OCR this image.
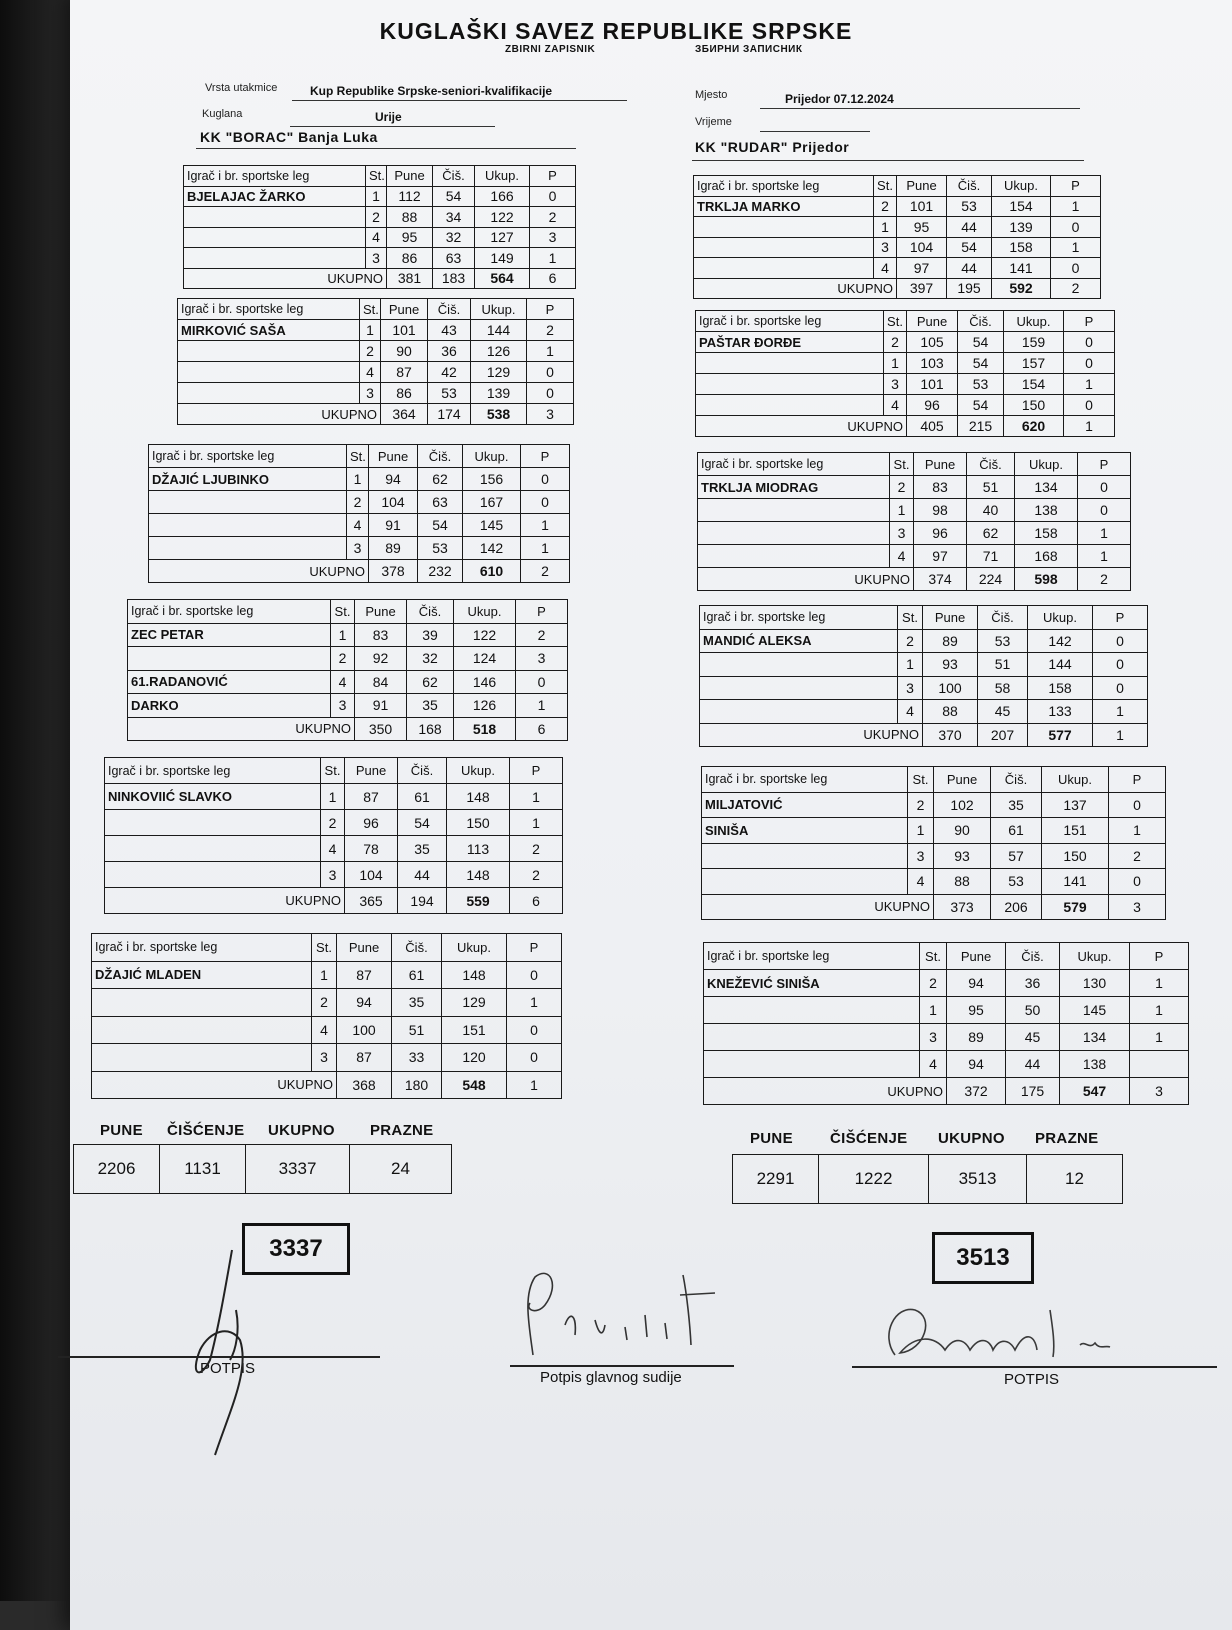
KUGLAŠKI SAVEZ REPUBLIKE SRPSKE
ZBIRNI ZAPISNIK	ЗБИРНИ ЗАПИСНИК
Vrsta utakmice	Kup Republike Srpske-seniori-kvalifikacije
Kuglana	Urije
KK "BORAC" Banja Luka
Mjesto	Prijedor 07.12.2024
Vrijeme
KK "RUDAR" Prijedor
Igrač i br. sportske leg	St.	Pune	Čiš.	Ukup.	P
BJELAJAC ŽARKO	1	112	54	166	0
	2	88	34	122	2
	4	95	32	127	3
	3	86	63	149	1
UKUPNO		381	183	564	6
Igrač i br. sportske leg	St.	Pune	Čiš.	Ukup.	P
MIRKOVIĆ SAŠA	1	101	43	144	2
	2	90	36	126	1
	4	87	42	129	0
	3	86	53	139	0
UKUPNO		364	174	538	3
Igrač i br. sportske leg	St.	Pune	Čiš.	Ukup.	P
DŽAJIĆ LJUBINKO	1	94	62	156	0
	2	104	63	167	0
	4	91	54	145	1
	3	89	53	142	1
UKUPNO		378	232	610	2
Igrač i br. sportske leg	St.	Pune	Čiš.	Ukup.	P
ZEC PETAR	1	83	39	122	2
	2	92	32	124	3
61.RADANOVIĆ	4	84	62	146	0
DARKO	3	91	35	126	1
UKUPNO		350	168	518	6
Igrač i br. sportske leg	St.	Pune	Čiš.	Ukup.	P
NINKOVIIĆ SLAVKO	1	87	61	148	1
	2	96	54	150	1
	4	78	35	113	2
	3	104	44	148	2
UKUPNO		365	194	559	6
Igrač i br. sportske leg	St.	Pune	Čiš.	Ukup.	P
DŽAJIĆ MLADEN	1	87	61	148	0
	2	94	35	129	1
	4	100	51	151	0
	3	87	33	120	0
UKUPNO		368	180	548	1
Igrač i br. sportske leg	St.	Pune	Čiš.	Ukup.	P
TRKLJA MARKO	2	101	53	154	1
	1	95	44	139	0
	3	104	54	158	1
	4	97	44	141	0
UKUPNO		397	195	592	2
Igrač i br. sportske leg	St.	Pune	Čiš.	Ukup.	P
PAŠTAR ĐORĐE	2	105	54	159	0
	1	103	54	157	0
	3	101	53	154	1
	4	96	54	150	0
UKUPNO		405	215	620	1
Igrač i br. sportske leg	St.	Pune	Čiš.	Ukup.	P
TRKLJA MIODRAG	2	83	51	134	0
	1	98	40	138	0
	3	96	62	158	1
	4	97	71	168	1
UKUPNO		374	224	598	2
Igrač i br. sportske leg	St.	Pune	Čiš.	Ukup.	P
MANDIĆ ALEKSA	2	89	53	142	0
	1	93	51	144	0
	3	100	58	158	0
	4	88	45	133	1
UKUPNO		370	207	577	1
Igrač i br. sportske leg	St.	Pune	Čiš.	Ukup.	P
MILJATOVIĆ	2	102	35	137	0
SINIŠA	1	90	61	151	1
	3	93	57	150	2
	4	88	53	141	0
UKUPNO		373	206	579	3
Igrač i br. sportske leg	St.	Pune	Čiš.	Ukup.	P
KNEŽEVIĆ SINIŠA	2	94	36	130	1
	1	95	50	145	1
	3	89	45	134	1
	4	94	44	138	
UKUPNO		372	175	547	3
PUNE ČIŠĆENJE UKUPNO PRAZNE
2206	1131	3337	24
PUNE ČIŠĆENJE UKUPNO PRAZNE
2291	1222	3513	12
3337	3513
POTPIS
Potpis glavnog sudije	POTPIS
